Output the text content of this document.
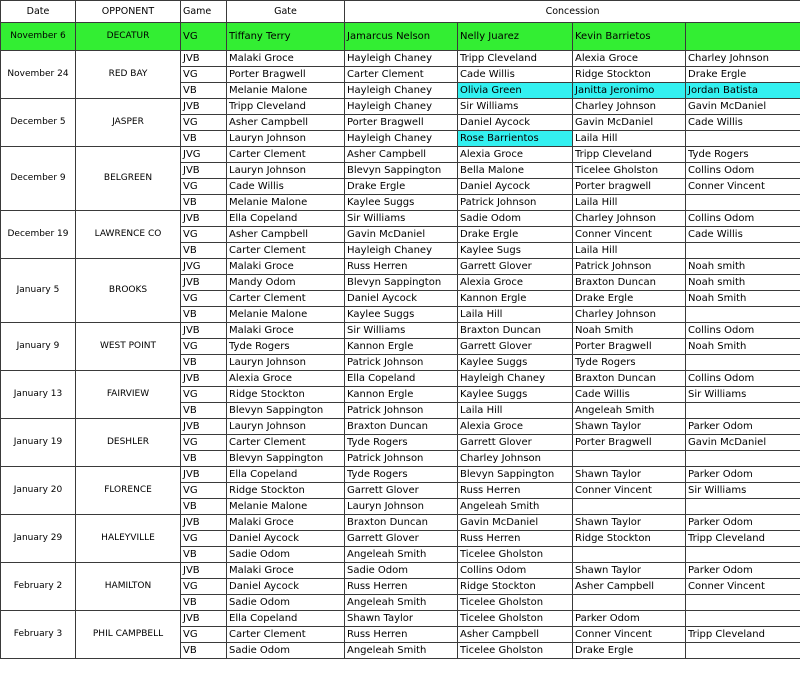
Date	OPPONENT	Game	Gate	Concession			
November 6	DECATUR	VG	Tiffany Terry	Jamarcus Nelson	Nelly Juarez	Kevin Barrietos	
November 24	RED BAY	JVB	Malaki Groce	Hayleigh Chaney	Tripp Cleveland	Alexia Groce	Charley Johnson
		VG	Porter Bragwell	Carter Clement	Cade Willis	Ridge Stockton	Drake Ergle
		VB	Melanie Malone	Hayleigh Chaney	Olivia Green	Janitta Jeronimo	Jordan Batista
December 5	JASPER	JVB	Tripp Cleveland	Hayleigh Chaney	Sir Williams	Charley Johnson	Gavin McDaniel
		VG	Asher Campbell	Porter Bragwell	Daniel Aycock	Gavin McDaniel	Cade Willis
		VB	Lauryn Johnson	Hayleigh Chaney	Rose Barrientos	Laila Hill	
December 9	BELGREEN	JVG	Carter Clement	Asher Campbell	Alexia Groce	Tripp Cleveland	Tyde Rogers
		JVB	Lauryn Johnson	Blevyn Sappington	Bella Malone	Ticelee Gholston	Collins Odom
		VG	Cade Willis	Drake Ergle	Daniel Aycock	Porter bragwell	Conner Vincent
		VB	Melanie Malone	Kaylee Suggs	Patrick Johnson	Laila Hill	
December 19	LAWRENCE CO	JVB	Ella Copeland	Sir Williams	Sadie Odom	Charley Johnson	Collins Odom
		VG	Asher Campbell	Gavin McDaniel	Drake Ergle	Conner Vincent	Cade Willis
		VB	Carter Clement	Hayleigh Chaney	Kaylee Sugs	Laila Hill	
January 5	BROOKS	JVG	Malaki Groce	Russ Herren	Garrett Glover	Patrick Johnson	Noah smith
		JVB	Mandy Odom	Blevyn Sappington	Alexia Groce	Braxton Duncan	Noah smith
		VG	Carter Clement	Daniel Aycock	Kannon Ergle	Drake Ergle	Noah Smith
		VB	Melanie Malone	Kaylee Suggs	Laila Hill	Charley Johnson	
January 9	WEST POINT	JVB	Malaki Groce	Sir Williams	Braxton Duncan	Noah Smith	Collins Odom
		VG	Tyde Rogers	Kannon Ergle	Garrett Glover	Porter Bragwell	Noah Smith
		VB	Lauryn Johnson	Patrick Johnson	Kaylee Suggs	Tyde Rogers	
January 13	FAIRVIEW	JVB	Alexia Groce	Ella Copeland	Hayleigh Chaney	Braxton Duncan	Collins Odom
		VG	Ridge Stockton	Kannon Ergle	Kaylee Suggs	Cade Willis	Sir Williams
		VB	Blevyn Sappington	Patrick Johnson	Laila Hill	Angeleah Smith	
January 19	DESHLER	JVB	Lauryn Johnson	Braxton Duncan	Alexia Groce	Shawn Taylor	Parker Odom
		VG	Carter Clement	Tyde Rogers	Garrett Glover	Porter Bragwell	Gavin McDaniel
		VB	Blevyn Sappington	Patrick Johnson	Charley Johnson		
January 20	FLORENCE	JVB	Ella Copeland	Tyde Rogers	Blevyn Sappington	Shawn Taylor	Parker Odom
		VG	Ridge Stockton	Garrett Glover	Russ Herren	Conner Vincent	Sir Williams
		VB	Melanie Malone	Lauryn Johnson	Angeleah Smith		
January 29	HALEYVILLE	JVB	Malaki Groce	Braxton Duncan	Gavin McDaniel	Shawn Taylor	Parker Odom
		VG	Daniel Aycock	Garrett Glover	Russ Herren	Ridge Stockton	Tripp Cleveland
		VB	Sadie Odom	Angeleah Smith	Ticelee Gholston		
February 2	HAMILTON	JVB	Malaki Groce	Sadie Odom	Collins Odom	Shawn Taylor	Parker Odom
		VG	Daniel Aycock	Russ Herren	Ridge Stockton	Asher Campbell	Conner Vincent
		VB	Sadie Odom	Angeleah Smith	Ticelee Gholston		
February 3	PHIL CAMPBELL	JVB	Ella Copeland	Shawn Taylor	Ticelee Gholston	Parker Odom	
		VG	Carter Clement	Russ Herren	Asher Campbell	Conner Vincent	Tripp Cleveland
		VB	Sadie Odom	Angeleah Smith	Ticelee Gholston	Drake Ergle	
